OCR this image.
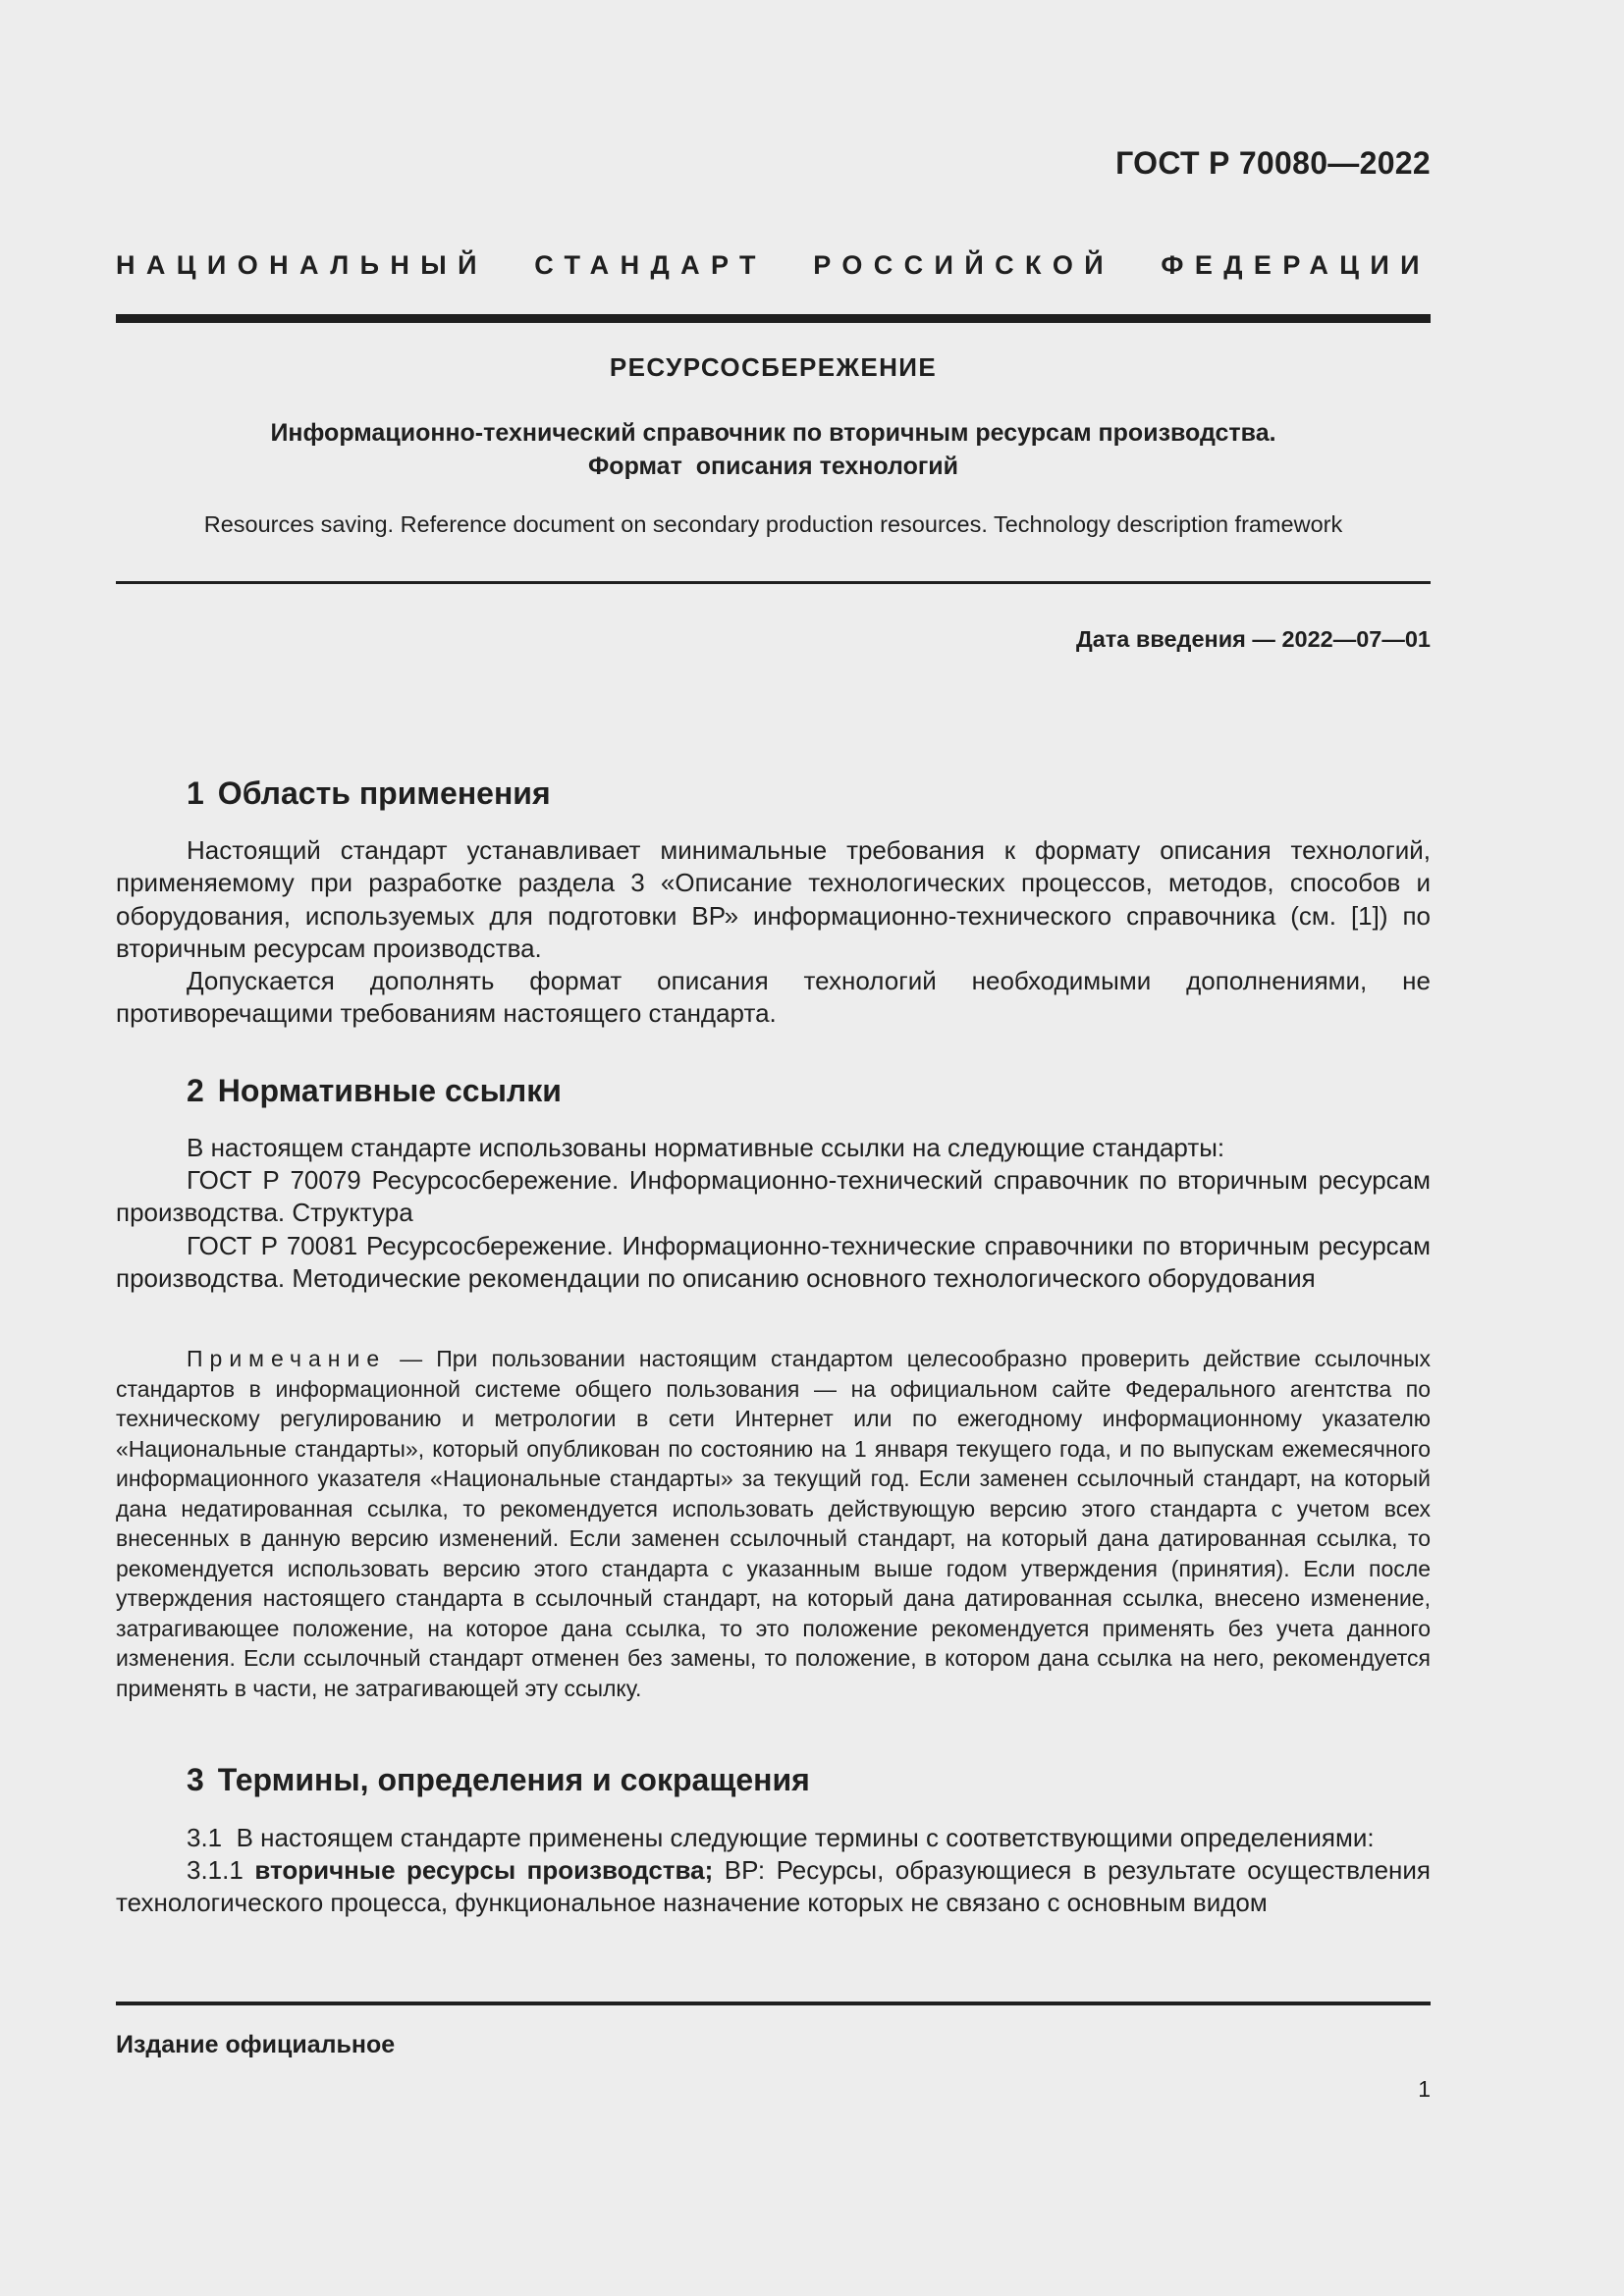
ГОСТ Р 70080—2022
НАЦИОНАЛЬНЫЙ СТАНДАРТ РОССИЙСКОЙ ФЕДЕРАЦИИ
РЕСУРСОСБЕРЕЖЕНИЕ
Информационно-технический справочник по вторичным ресурсам производства.
Формат  описания технологий
Resources saving. Reference document on secondary production resources. Technology description framework
Дата введения — 2022—07—01
1 Область применения
Настоящий стандарт устанавливает минимальные требования к формату описания технологий, применяемому при разработке раздела 3 «Описание технологических процессов, методов, способов и оборудования, используемых для подготовки ВР» информационно-технического справочника (см. [1]) по вторичным ресурсам производства.
Допускается дополнять формат описания технологий необходимыми дополнениями, не противоречащими требованиям настоящего стандарта.
2 Нормативные ссылки
В настоящем стандарте использованы нормативные ссылки на следующие стандарты:
ГОСТ Р 70079 Ресурсосбережение. Информационно-технический справочник по вторичным ресурсам производства. Структура
ГОСТ Р 70081 Ресурсосбережение. Информационно-технические справочники по вторичным ресурсам производства. Методические рекомендации по описанию основного технологического оборудования
Примечание — При пользовании настоящим стандартом целесообразно проверить действие ссылочных стандартов в информационной системе общего пользования — на официальном сайте Федерального агентства по техническому регулированию и метрологии в сети Интернет или по ежегодному информационному указателю «Национальные стандарты», который опубликован по состоянию на 1 января текущего года, и по выпускам ежемесячного информационного указателя «Национальные стандарты» за текущий год. Если заменен ссылочный стандарт, на который дана недатированная ссылка, то рекомендуется использовать действующую версию этого стандарта с учетом всех внесенных в данную версию изменений. Если заменен ссылочный стандарт, на который дана датированная ссылка, то рекомендуется использовать версию этого стандарта с указанным выше годом утверждения (принятия). Если после утверждения настоящего стандарта в ссылочный стандарт, на который дана датированная ссылка, внесено изменение, затрагивающее положение, на которое дана ссылка, то это положение рекомендуется применять без учета данного изменения. Если ссылочный стандарт отменен без замены, то положение, в котором дана ссылка на него, рекомендуется применять в части, не затрагивающей эту ссылку.
3 Термины, определения и сокращения
3.1  В настоящем стандарте применены следующие термины с соответствующими определениями:
3.1.1 вторичные ресурсы производства; ВР: Ресурсы, образующиеся в результате осуществления технологического процесса, функциональное назначение которых не связано с основным видом
Издание официальное
1
